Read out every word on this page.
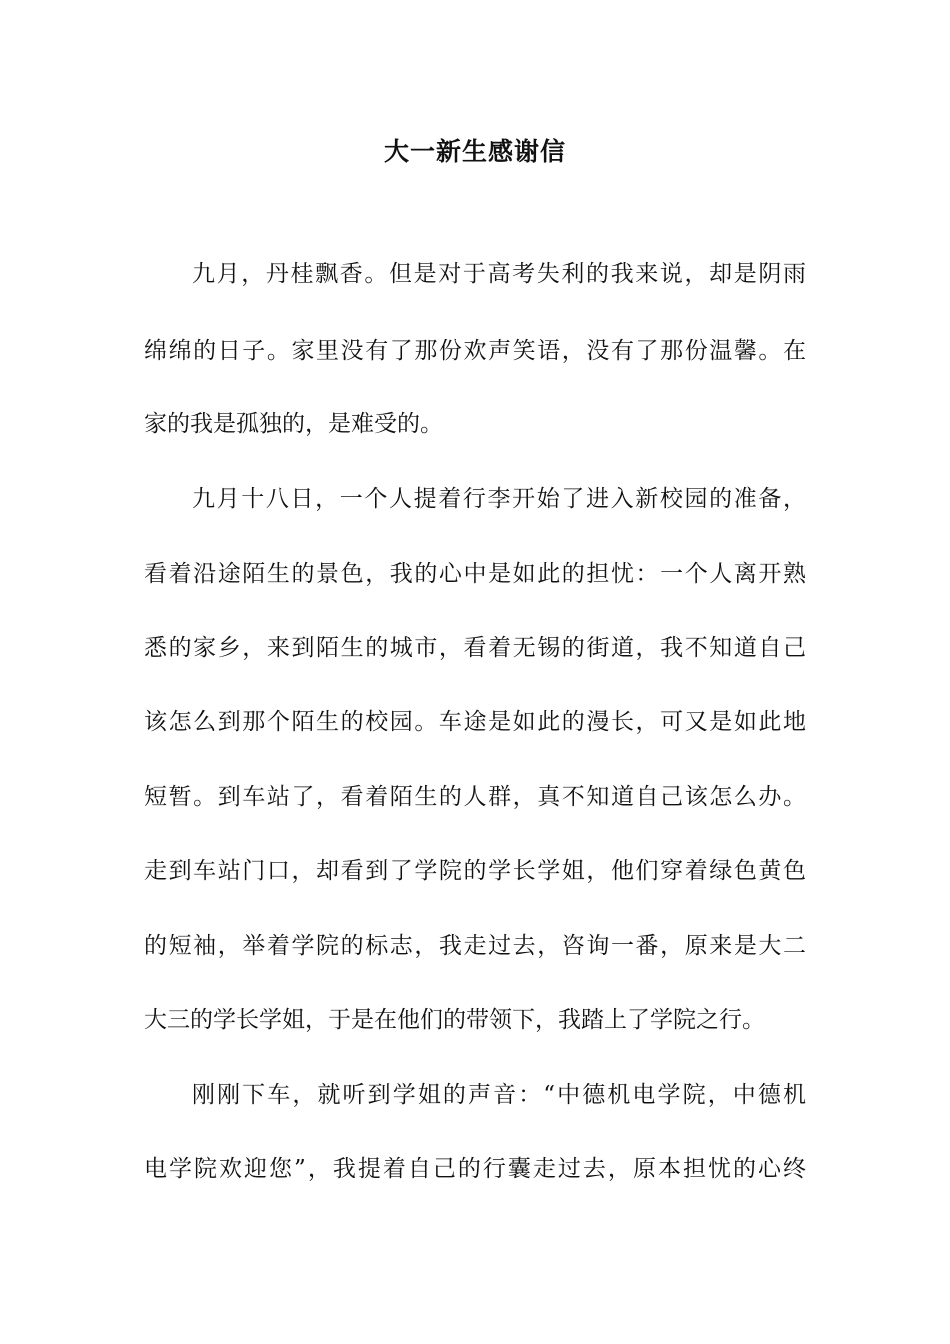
大一新生感谢信
九月，丹桂飘香。但是对于高考失利的我来说，却是阴雨
绵绵的日子。家里没有了那份欢声笑语，没有了那份温馨。在
家的我是孤独的，是难受的。
九月十八日，一个人提着行李开始了进入新校园的准备，
看着沿途陌生的景色，我的心中是如此的担忧：一个人离开熟
悉的家乡，来到陌生的城市，看着无锡的街道，我不知道自己
该怎么到那个陌生的校园。车途是如此的漫长，可又是如此地
短暂。到车站了，看着陌生的人群，真不知道自己该怎么办。
走到车站门口，却看到了学院的学长学姐，他们穿着绿色黄色
的短袖，举着学院的标志，我走过去，咨询一番，原来是大二
大三的学长学姐，于是在他们的带领下，我踏上了学院之行。
刚刚下车，就听到学姐的声音：“中德机电学院，中德机
电学院欢迎您”，我提着自己的行囊走过去，原本担忧的心终
